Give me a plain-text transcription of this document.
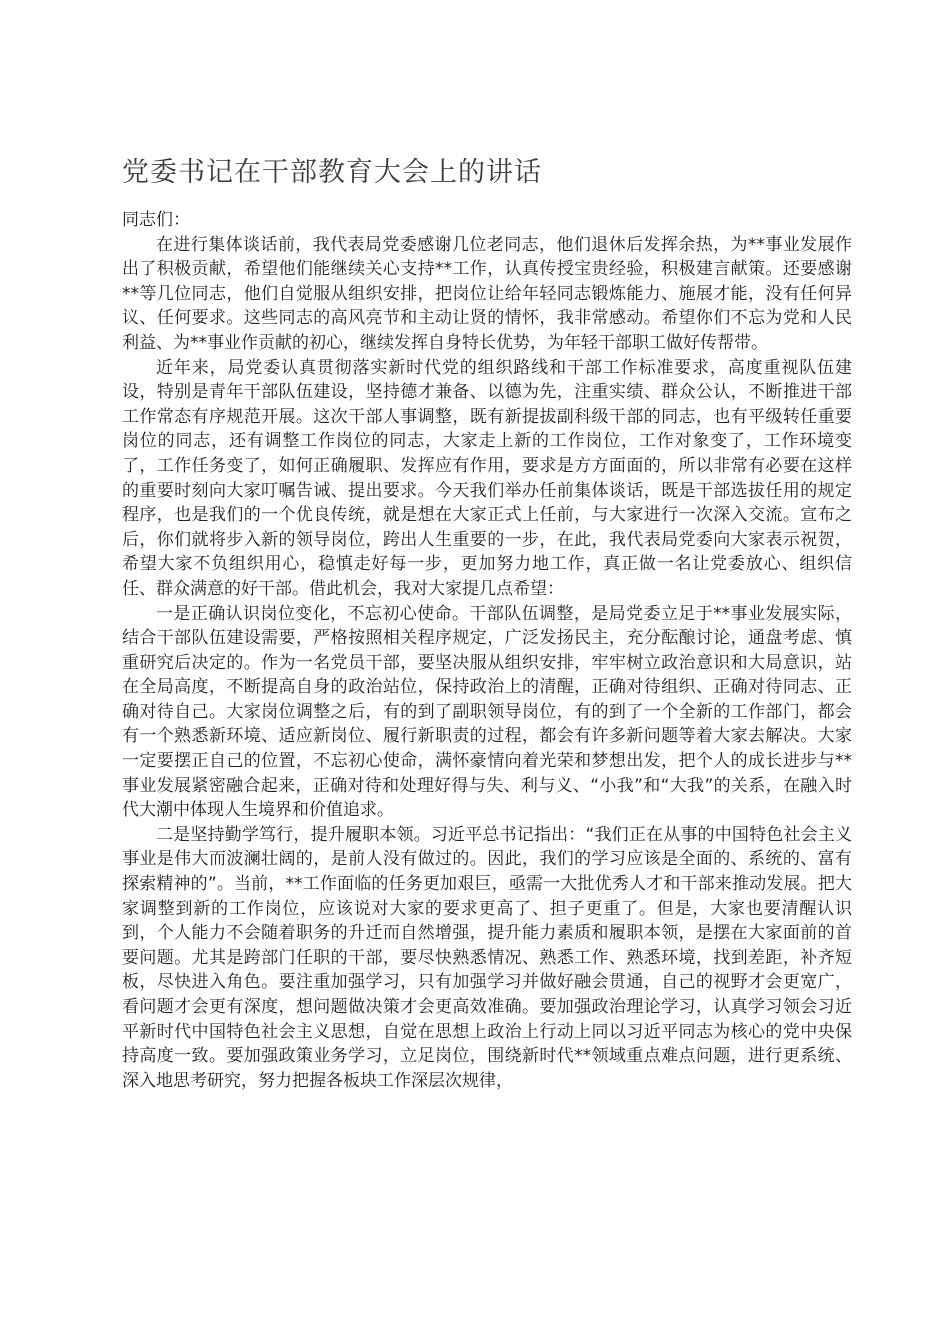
党委书记在干部教育大会上的讲话

同志们：

在进行集体谈话前，我代表局党委感谢几位老同志，他们退休后发挥余热，为**事业发展作出了积极贡献，希望他们能继续关心支持**工作，认真传授宝贵经验，积极建言献策。还要感谢**等几位同志，他们自觉服从组织安排，把岗位让给年轻同志锻炼能力、施展才能，没有任何异议、任何要求。这些同志的高风亮节和主动让贤的情怀，我非常感动。希望你们不忘为党和人民利益、为**事业作贡献的初心，继续发挥自身特长优势，为年轻干部职工做好传帮带。

近年来，局党委认真贯彻落实新时代党的组织路线和干部工作标准要求，高度重视队伍建设，特别是青年干部队伍建设，坚持德才兼备、以德为先，注重实绩、群众公认，不断推进干部工作常态有序规范开展。这次干部人事调整，既有新提拔副科级干部的同志，也有平级转任重要岗位的同志，还有调整工作岗位的同志，大家走上新的工作岗位，工作对象变了，工作环境变了，工作任务变了，如何正确履职、发挥应有作用，要求是方方面面的，所以非常有必要在这样的重要时刻向大家叮嘱告诫、提出要求。今天我们举办任前集体谈话，既是干部选拔任用的规定程序，也是我们的一个优良传统，就是想在大家正式上任前，与大家进行一次深入交流。宣布之后，你们就将步入新的领导岗位，跨出人生重要的一步，在此，我代表局党委向大家表示祝贺，希望大家不负组织用心，稳慎走好每一步，更加努力地工作，真正做一名让党委放心、组织信任、群众满意的好干部。借此机会，我对大家提几点希望：

一是正确认识岗位变化，不忘初心使命。干部队伍调整，是局党委立足于**事业发展实际，结合干部队伍建设需要，严格按照相关程序规定，广泛发扬民主，充分酝酿讨论，通盘考虑、慎重研究后决定的。作为一名党员干部，要坚决服从组织安排，牢牢树立政治意识和大局意识，站在全局高度，不断提高自身的政治站位，保持政治上的清醒，正确对待组织、正确对待同志、正确对待自己。大家岗位调整之后，有的到了副职领导岗位，有的到了一个全新的工作部门，都会有一个熟悉新环境、适应新岗位、履行新职责的过程，都会有许多新问题等着大家去解决。大家一定要摆正自己的位置，不忘初心使命，满怀豪情向着光荣和梦想出发，把个人的成长进步与**事业发展紧密融合起来，正确对待和处理好得与失、利与义、“小我”和“大我”的关系，在融入时代大潮中体现人生境界和价值追求。

二是坚持勤学笃行，提升履职本领。习近平总书记指出：“我们正在从事的中国特色社会主义事业是伟大而波澜壮阔的，是前人没有做过的。因此，我们的学习应该是全面的、系统的、富有探索精神的”。当前，**工作面临的任务更加艰巨，亟需一大批优秀人才和干部来推动发展。把大家调整到新的工作岗位，应该说对大家的要求更高了、担子更重了。但是，大家也要清醒认识到，个人能力不会随着职务的升迁而自然增强，提升能力素质和履职本领，是摆在大家面前的首要问题。尤其是跨部门任职的干部，要尽快熟悉情况、熟悉工作、熟悉环境，找到差距，补齐短板，尽快进入角色。要注重加强学习，只有加强学习并做好融会贯通，自己的视野才会更宽广，看问题才会更有深度，想问题做决策才会更高效准确。要加强政治理论学习，认真学习领会习近平新时代中国特色社会主义思想，自觉在思想上政治上行动上同以习近平同志为核心的党中央保持高度一致。要加强政策业务学习，立足岗位，围绕新时代**领域重点难点问题，进行更系统、深入地思考研究，努力把握各板块工作深层次规律，
